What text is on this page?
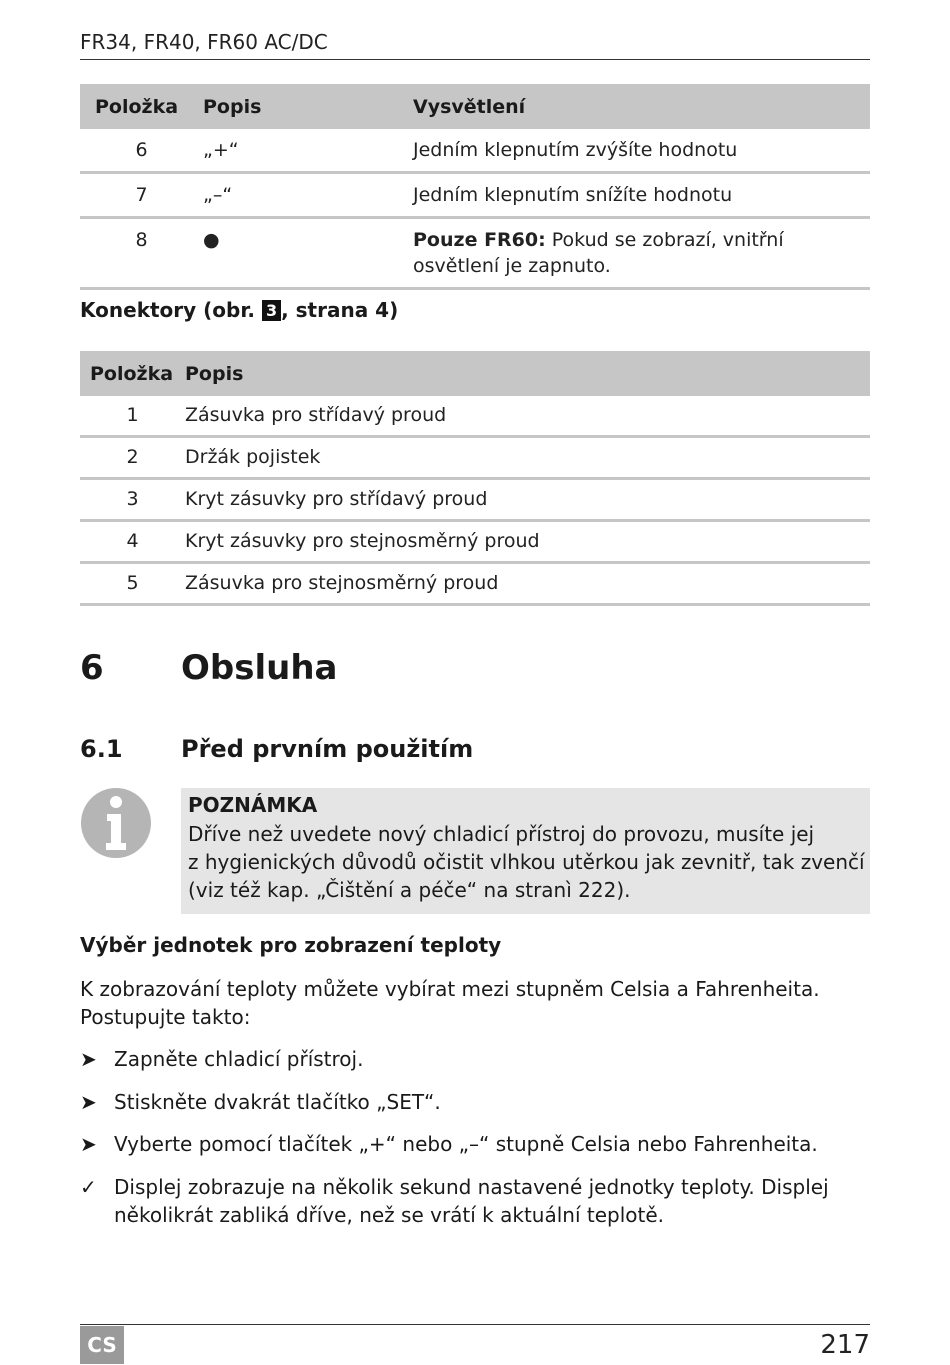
FR34, FR40, FR60 AC/DC
Položka	Popis	Vysvětlení
6	„+“	Jedním klepnutím zvýšíte hodnotu
7	„–“	Jedním klepnutím snížíte hodnotu
8	●	Pouze FR60: Pokud se zobrazí, vnitřní osvětlení je zapnuto.
Konektory (obr. 3 , strana 4)
Položka	Popis
1	Zásuvka pro střídavý proud
2	Držák pojistek
3	Kryt zásuvky pro střídavý proud
4	Kryt zásuvky pro stejnosměrný proud
5	Zásuvka pro stejnosměrný proud
6 Obsluha
6.1 Před prvním použitím
POZNÁMKA
Dříve než uvedete nový chladicí přístroj do provozu, musíte jej
z hygienických důvodů očistit vlhkou utěrkou jak zevnitř, tak zvenčí
(viz též kap. „Čištění a péče“ na stranì 222).
Výběr jednotek pro zobrazení teploty
K zobrazování teploty můžete vybírat mezi stupněm Celsia a Fahrenheita.
Postupujte takto:
➤ Zapněte chladicí přístroj.
➤ Stiskněte dvakrát tlačítko „SET“.
➤ Vyberte pomocí tlačítek „+“ nebo „–“ stupně Celsia nebo Fahrenheita.
✓ Displej zobrazuje na několik sekund nastavené jednotky teploty. Displej
několikrát zabliká dříve, než se vrátí k aktuální teplotě.
CS	217
